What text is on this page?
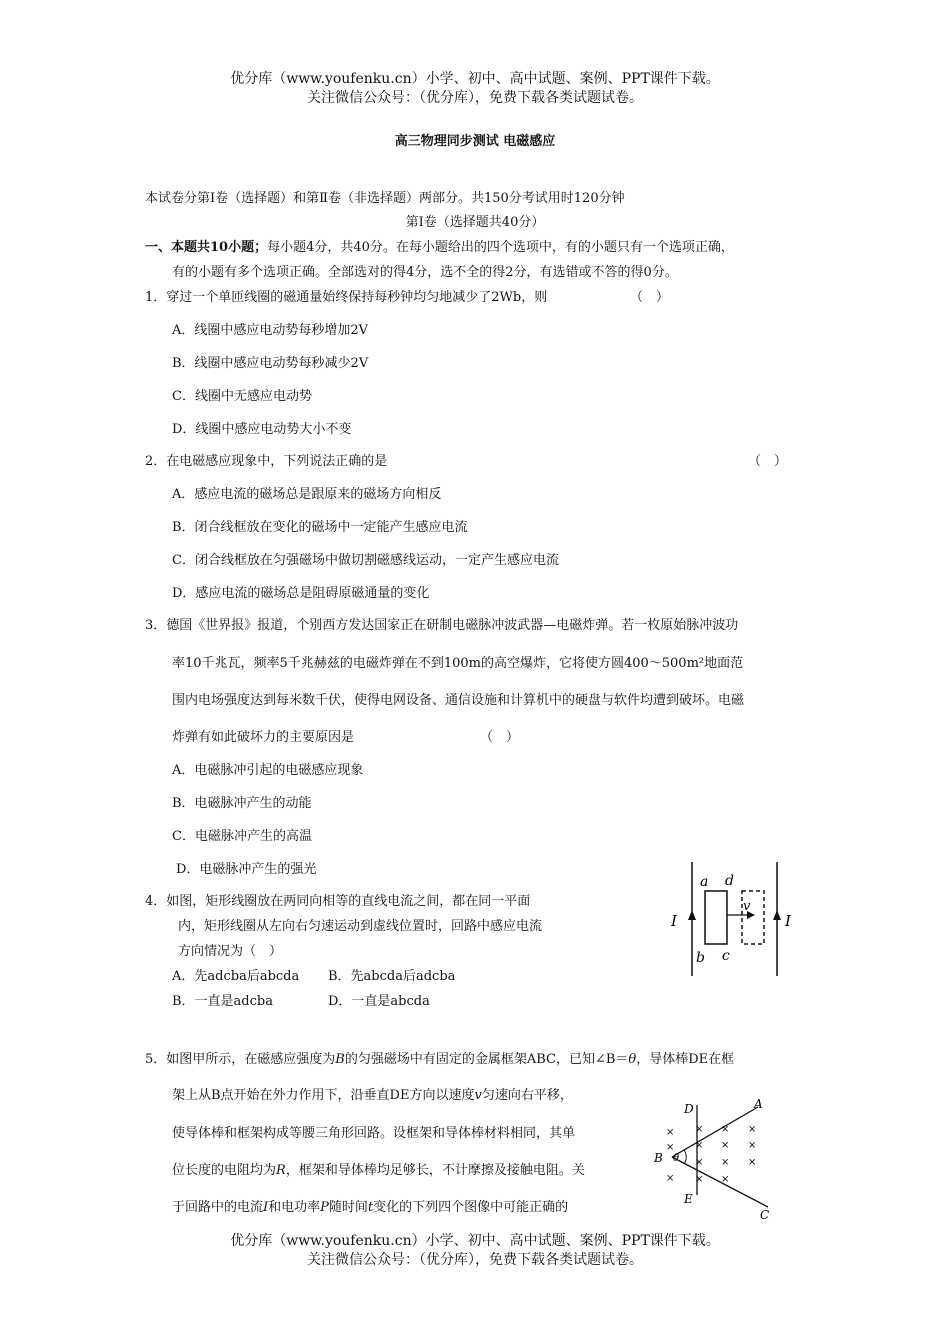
优分库（www.youfenku.cn）小学、初中、高中试题、案例、PPT课件下载。
关注微信公众号：（优分库），免费下载各类试题试卷。
高三物理同步测试 电磁感应
本试卷分第Ⅰ卷（选择题）和第Ⅱ卷（非选择题）两部分。共150分考试用时120分钟
第Ⅰ卷（选择题共40分）
一、本题共10小题；每小题4分，共40分。在每小题给出的四个选项中，有的小题只有一个选项正确，
有的小题有多个选项正确。全部选对的得4分，选不全的得2分，有选错或不答的得0分。
1．穿过一个单匝线圈的磁通量始终保持每秒钟均匀地减少了2Wb，则	（　）
A．线圈中感应电动势每秒增加2V
B．线圈中感应电动势每秒减少2V
C．线圈中无感应电动势
D．线圈中感应电动势大小不变
2．在电磁感应现象中，下列说法正确的是	（　）
A．感应电流的磁场总是跟原来的磁场方向相反
B．闭合线框放在变化的磁场中一定能产生感应电流
C．闭合线框放在匀强磁场中做切割磁感线运动，一定产生感应电流
D．感应电流的磁场总是阻碍原磁通量的变化
3．德国《世界报》报道，个别西方发达国家正在研制电磁脉冲波武器—电磁炸弹。若一枚原始脉冲波功
率10千兆瓦，频率5千兆赫兹的电磁炸弹在不到100m的高空爆炸，它将使方圆400～500m²地面范
围内电场强度达到每米数千伏，使得电网设备、通信设施和计算机中的硬盘与软件均遭到破坏。电磁
炸弹有如此破坏力的主要原因是	（　）
A．电磁脉冲引起的电磁感应现象
B．电磁脉冲产生的动能
C．电磁脉冲产生的高温
D．电磁脉冲产生的强光
4．如图，矩形线圈放在两同向相等的直线电流之间，都在同一平面
内，矩形线圈从左向右匀速运动到虚线位置时，回路中感应电流
方向情况为（　）
A．先adcba后abcda B．先abcda后adcba
B．一直是adcba	D．一直是abcda
I	I
a d
b c
v
5．如图甲所示，在磁感应强度为B的匀强磁场中有固定的金属框架ABC，已知∠B＝θ，导体棒DE在框
架上从B点开始在外力作用下，沿垂直DE方向以速度v匀速向右平移，
使导体棒和框架构成等腰三角形回路。设框架和导体棒材料相同，其单
位长度的电阻均为R，框架和导体棒均足够长，不计摩擦及接触电阻。关
于回路中的电流I和电功率P随时间t变化的下列四个图像中可能正确的
A
B
C
D
E
θ
× × × ×
× × × ×
× × ×
× × ×
优分库（www.youfenku.cn）小学、初中、高中试题、案例、PPT课件下载。
关注微信公众号：（优分库），免费下载各类试题试卷。
